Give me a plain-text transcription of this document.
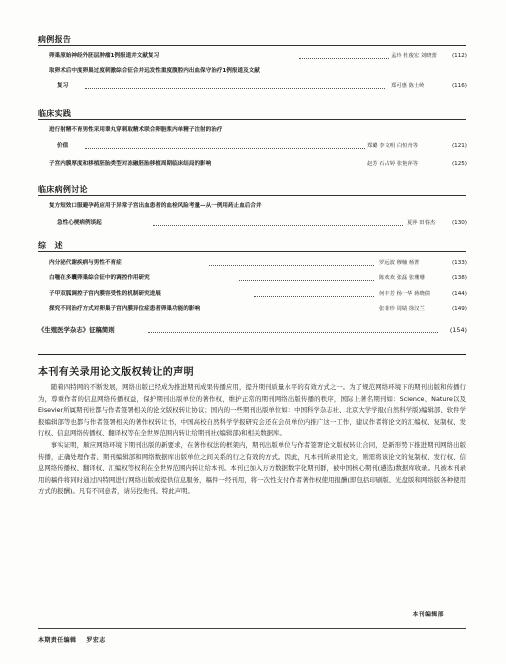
病例报告
卵巢原始神经外胚层肿瘤1例报道并文献复习	孟玲 杜俊宏 刘晓蕾	(112)
取卵术后中度卵巢过度刺激综合征合并远发性重度腹腔内出血保守治疗1例报道及文献
复习	郑可惠 陈士岭	(116)
临床实践
进行射精不育男性采用睾丸穿刺取精术联合卵胞浆内单精子注射的治疗
价值	郑璐 李文明 白恒舟等	(121)
子宫内膜厚度和移植胚胎类型对冻融胚胎移植周期临床结局的影响	赵芳 石占婷 张艳萍等	(125)
临床病例讨论
复方短效口服避孕药应用于异常子宫出血患者的血栓风险考量—从一例用药止血后合并
急性心梗病例谈起	夏萍 田春杰	(130)
综　述
内分泌代谢疾病与男性不育症	罗远波 穆楠 杨菁	(133)
白噻在多囊卵巢综合征中的调控作用研究	陈欢欢 张磊 张珊珊	(138)
子甲双胍调控子宫内膜容受性的机制研究进展	何丰芳 杨一华 蒋晓倩	(144)
探究不同治疗方式对卵巢子宫内膜异位症患者卵巢功能的影响	张菲珍 周婧 徐汉兰	(149)
《生殖医学杂志》征稿简则	(154)
本刊有关录用论文版权转让的声明

随着四特网的不断发展，网络出版已经成为推进期刊成果传播应用，提升期刊质量水平的有效方式之一。为了规范网络环境下的期刊出版和传播行为，尊重作者的信息网络传播权益，保护期刊出版单位的著作权，维护正常的期刊网络出版传播的秩序，国际上著名期刊如：Science、Nature以及Elsevier所属期刊社都与作者签署相关的论文版权转让协议；国内的一些期刊出版单位如：中国科学杂志社、北京大学学报(自然科学版)编辑部、软件学报编辑部等也都与作者签署相关的著作权转让书，中国高校自然科学学报研究会还在会员单位内推广这一工作，建议作者将论文的汇编权、复制权、发行权、信息网络传播权、翻译权等在全世界范围内转让给期刊社(编辑部)和相关数据库。

事实证明，顺应网络环境下期刊出版的新要求，在著作权法的框架内，期刊出版单位与作者签署论文版权转让合同，是新形势下推进期刊网络出版传播，正确处理作者、期刊编辑部和网络数据库出版单位之间关系的行之有效的方式。因此，凡本刊所录用论文，则需将该论文的复制权、发行权、信息网络传播权、翻译权、汇编权等权利在全世界范围内转让给本刊。本刊已加入万方数据数字化期刊群，被中国核心期刊(遴选)数据库收录。凡被本刊录用的稿件将同时通过四特网进行网络出版或提供信息服务，稿件一经刊用，将一次性支付作者著作权使用报酬(即包括印刷版、光盘版和网络版各种使用方式的报酬)。凡有不同意者，请另投他刊。特此声明。

本刊编辑部
本期责任编辑 罗宏志
